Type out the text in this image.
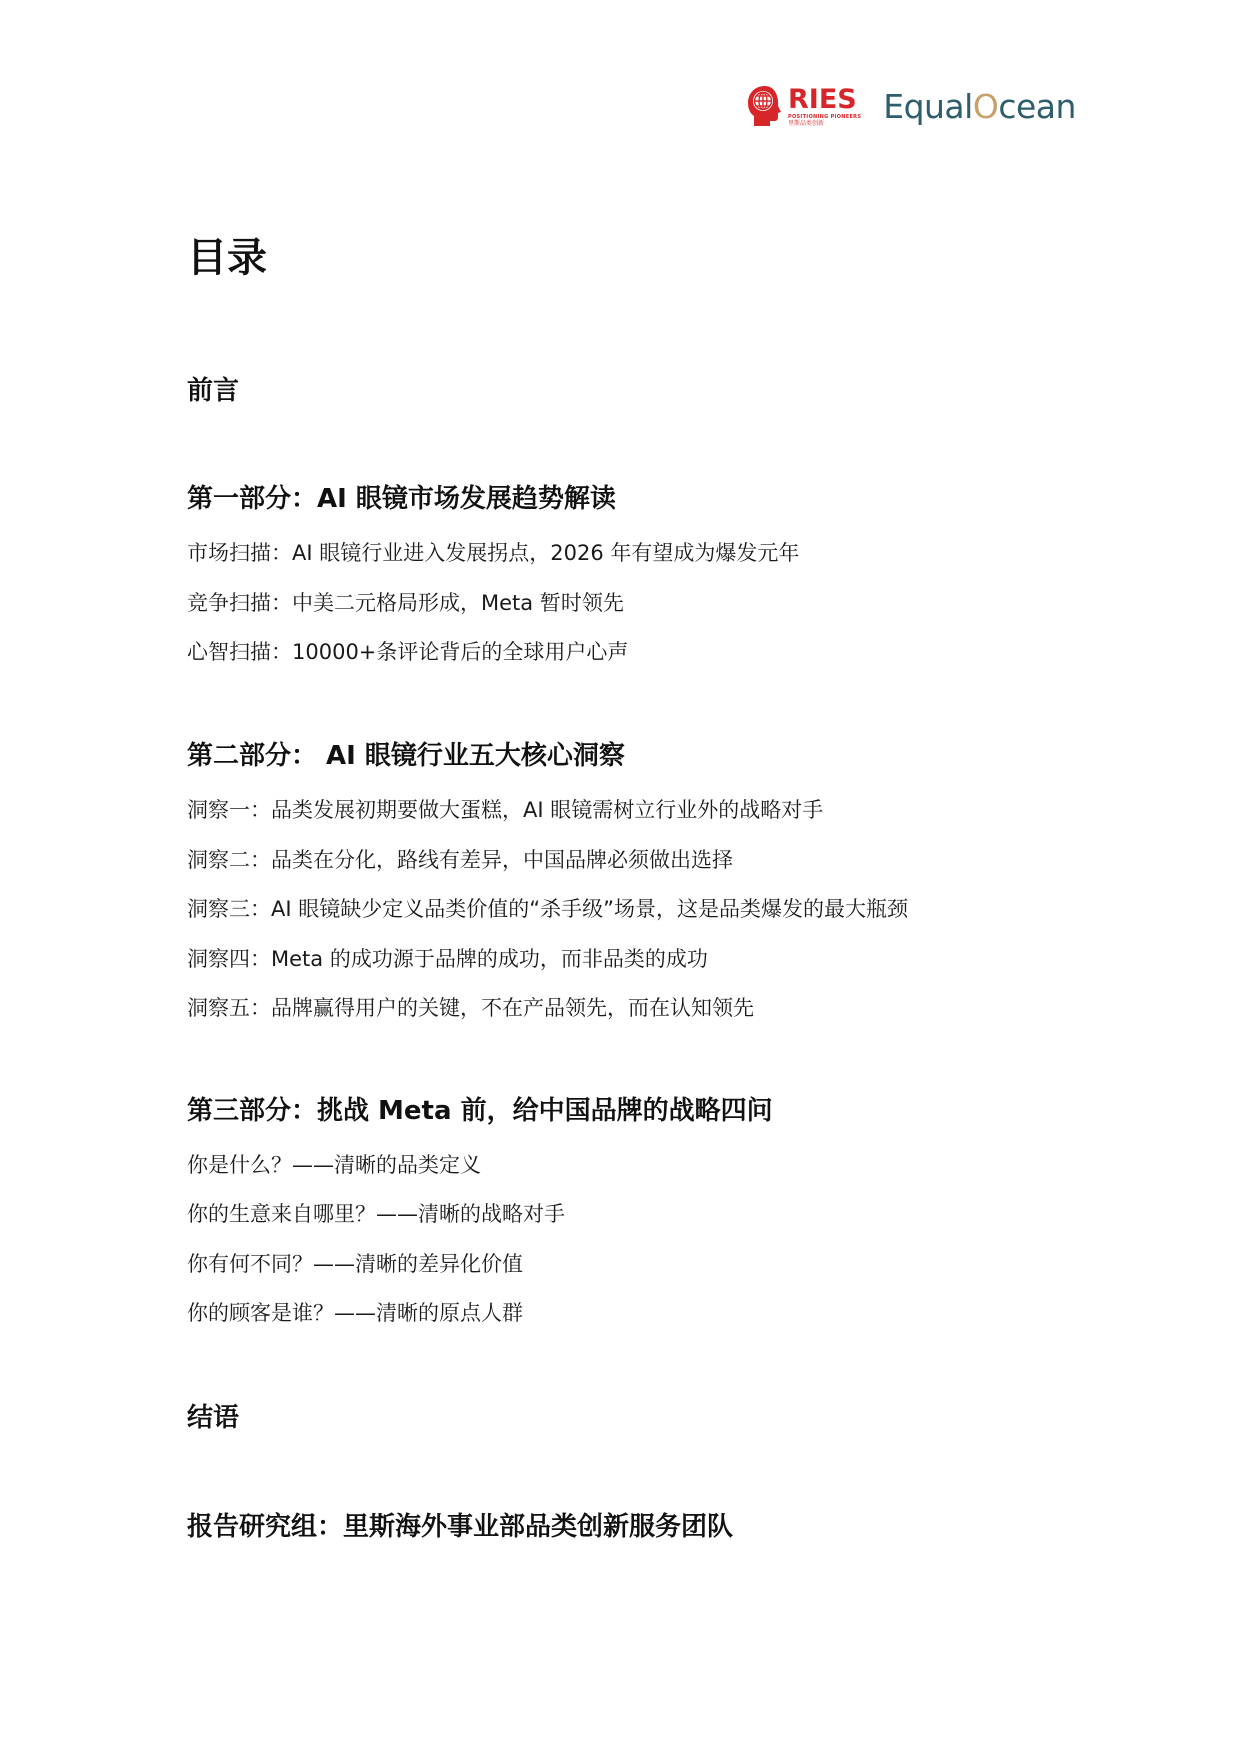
RIES
POSITIONING PIONEERS
里斯品类创新	Equal O cean
目录
前言
第一部分：AI 眼镜市场发展趋势解读
市场扫描：AI 眼镜行业进入发展拐点，2026 年有望成为爆发元年
竞争扫描：中美二元格局形成，Meta 暂时领先
心智扫描：10000+条评论背后的全球用户心声
第二部分： AI 眼镜行业五大核心洞察
洞察一：品类发展初期要做大蛋糕，AI 眼镜需树立行业外的战略对手
洞察二：品类在分化，路线有差异，中国品牌必须做出选择
洞察三：AI 眼镜缺少定义品类价值的“杀手级”场景，这是品类爆发的最大瓶颈
洞察四：Meta 的成功源于品牌的成功，而非品类的成功
洞察五：品牌赢得用户的关键，不在产品领先，而在认知领先
第三部分：挑战 Meta 前，给中国品牌的战略四问
你是什么？——清晰的品类定义
你的生意来自哪里？——清晰的战略对手
你有何不同？——清晰的差异化价值
你的顾客是谁？——清晰的原点人群
结语
报告研究组：里斯海外事业部品类创新服务团队
